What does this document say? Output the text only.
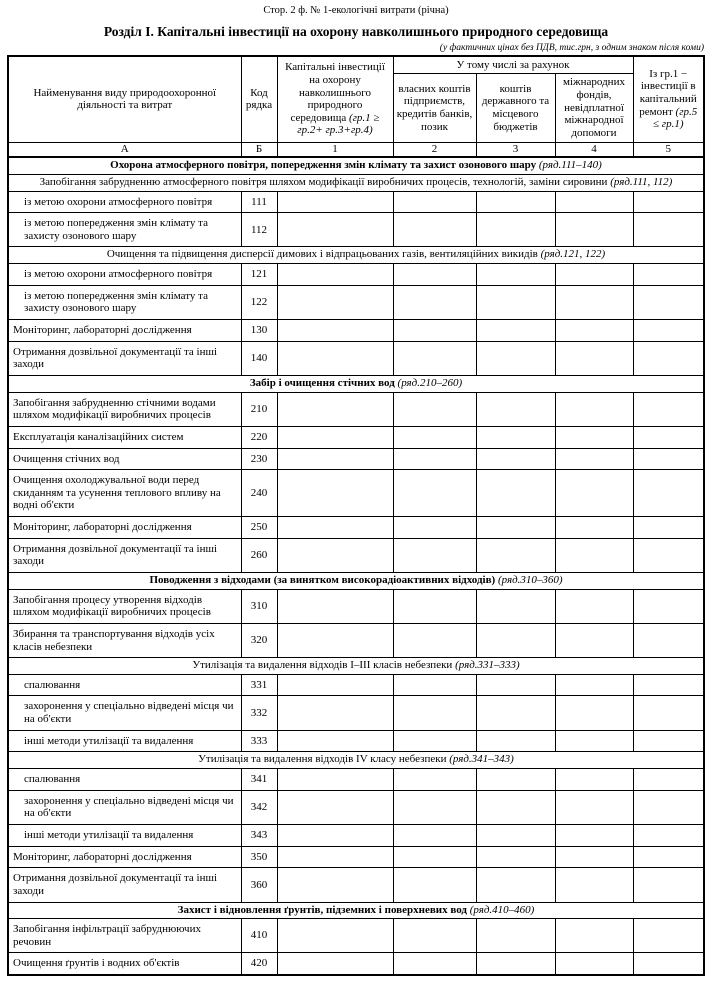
Стор. 2 ф. № 1-екологічні витрати (річна)
Розділ I. Капітальні інвестиції на охорону навколишнього природного середовища
(у фактичних цінах без ПДВ, тис.грн, з одним знаком після коми)
Найменування виду природоохоронної діяльності та витрат	Код рядка	Капітальні інвестиції на охорону навколишнього природного середовища (гр.1 ≥ гр.2+ гр.3+гр.4)	У тому числі за рахунок			Із гр.1 − інвестиції в капітальний ремонт (гр.5 ≤ гр.1)
			власних коштів підприємств, кредитів банків, позик	коштів державного та місцевого бюджетів	міжнародних фондів, невідплатної міжнародної допомоги	
А	Б	1	2	3	4	5
Охорона атмосферного повітря, попередження змін клімату та захист озонового шару (ряд.111–140)						
Запобігання забрудненню атмосферного повітря шляхом модифікації виробничих процесів, технологій, заміни сировини (ряд.111, 112)						
із метою охорони атмосферного повітря	111					
із метою попередження змін клімату та захисту озонового шару	112					
Очищення та підвищення дисперсії димових і відпрацьованих газів, вентиляційних викидів (ряд.121, 122)						
із метою охорони атмосферного повітря	121					
із метою попередження змін клімату та захисту озонового шару	122					
Моніторинг, лабораторні дослідження	130					
Отримання дозвільної документації та інші заходи	140					
Забір і очищення стічних вод (ряд.210–260)						
Запобігання забрудненню стічними водами шляхом модифікації виробничих процесів	210					
Експлуатація каналізаційних систем	220					
Очищення стічних вод	230					
Очищення охолоджувальної води перед скиданням та усунення теплового впливу на водні об'єкти	240					
Моніторинг, лабораторні дослідження	250					
Отримання дозвільної документації та інші заходи	260					
Поводження з відходами (за винятком високорадіоактивних відходів) (ряд.310–360)						
Запобігання процесу утворення відходів шляхом модифікації виробничих процесів	310					
Збирання та транспортування відходів усіх класів небезпеки	320					
Утилізація та видалення відходів I–III класів небезпеки (ряд.331–333)						
спалювання	331					
захоронення у спеціально відведені місця чи на об'єкти	332					
інші методи утилізації та видалення	333					
Утилізація та видалення відходів IV класу небезпеки (ряд.341–343)						
спалювання	341					
захоронення у спеціально відведені місця чи на об'єкти	342					
інші методи утилізації та видалення	343					
Моніторинг, лабораторні дослідження	350					
Отримання дозвільної документації та інші заходи	360					
Захист і відновлення ґрунтів, підземних і поверхневих вод (ряд.410–460)						
Запобігання інфільтрації забруднюючих речовин	410					
Очищення ґрунтів і водних об'єктів	420					
